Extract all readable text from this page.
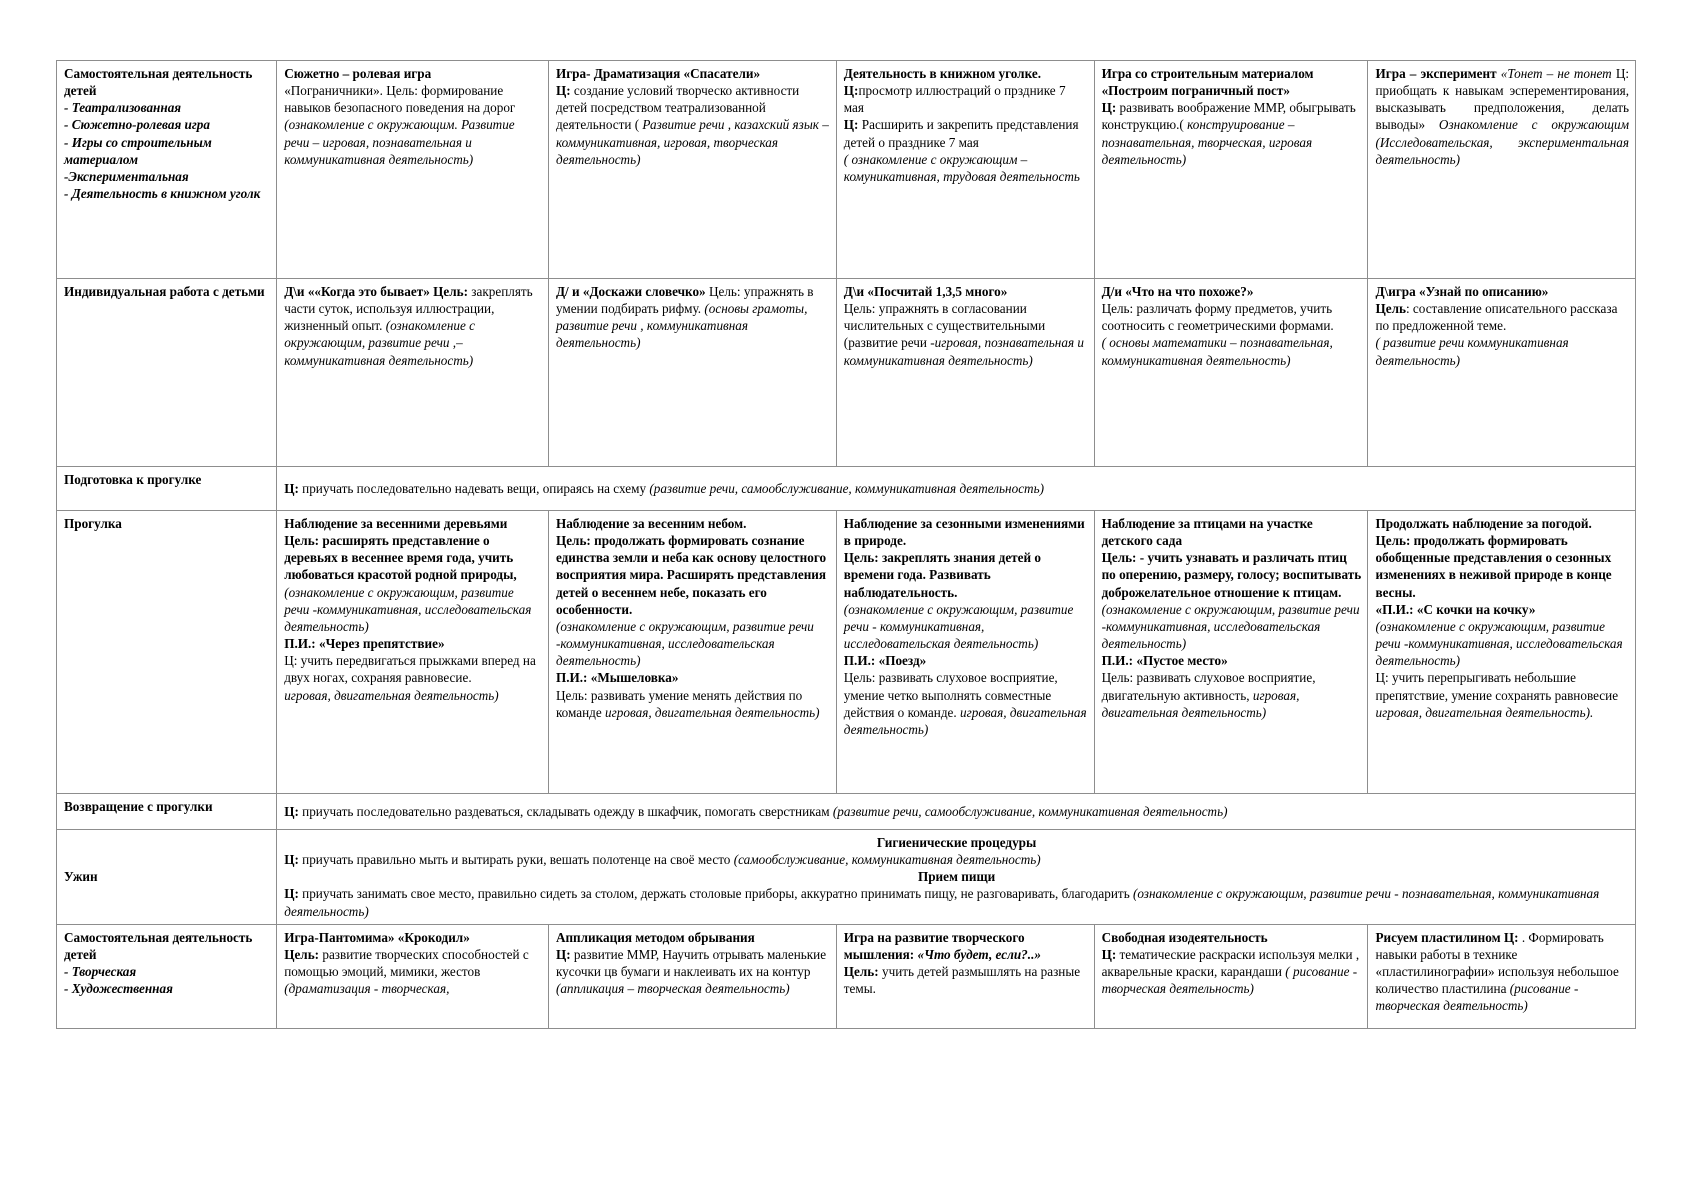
Самостоятельная деятельность детей
- Театрализованная
- Сюжетно-ролевая игра
- Игры со строительным материалом
-Экспериментальная
- Деятельность в книжном уголк
	Сюжетно – ролевая игра
«Пограничники». Цель: формирование навыков безопасного поведения на дорог (ознакомление с окружающим. Развитие речи – игровая, познавательная и коммуникативная деятельность)	Игра- Драматизация «Спасатели»
Ц: создание условий творческо активности детей посредством театрализованной деятельности ( Развитие речи , казахский язык – коммуникативная, игровая, творческая деятельность)	Деятельность в книжном уголке.
Ц:просмотр иллюстраций о прзднике 7 мая
Ц: Расширить и закрепить представления детей о празднике 7 мая
( ознакомление с окружающим – комуникативная, трудовая деятельность	Игра со строительным материалом «Построим пограничный пост»
Ц: развивать воображение ММР, обыгрывать конструкцию.( конструирование –познавательная, творческая, игровая деятельность)	Игра – эксперимент «Тонет – не тонет Ц: приобщать к навыкам эсперементирования, высказывать предположения, делать выводы» Ознакомление с окружающим (Исследовательская, экспериментальная деятельность)

Индивидуальная работа с детьми	Д\и ««Когда это бывает» Цель: закреплять части суток, используя иллюстрации, жизненный опыт. (ознакомление с окружающим, развитие речи ,– коммуникативная деятельность)	Д/ и «Доскажи словечко» Цель: упражнять в умении подбирать рифму. (основы грамоты, развитие речи , коммуникативная деятельность)	Д\и «Посчитай 1,3,5 много»
Цель: упражнять в согласовании числительных с существительными
(развитие речи -игровая, познавательная и коммуникативная деятельность)	Д/и «Что на что похоже?»
Цель: различать форму предметов, учить соотносить с геометрическими формами.
( основы математики – познавательная, коммуникативная деятельность)	Д\игра «Узнай по описанию»
Цель: составление описательного рассказа по предложенной теме.
( развитие речи коммуникативная деятельность)

Подготовка к прогулке	Ц: приучать последовательно надевать вещи, опираясь на схему (развитие речи, самообслуживание, коммуникативная деятельность)				

Прогулка	Наблюдение за весенними деревьями
Цель: расширять представление о деревьях в весеннее время года, учить любоваться красотой родной природы,
(ознакомление с окружающим, развитие речи -коммуникативная, исследовательская деятельность)
П.И.: «Через препятствие»
Ц: учить передвигаться прыжками вперед на двух ногах, сохраняя равновесие.
игровая, двигательная деятельность)	Наблюдение за весенним небом.
Цель: продолжать формировать сознание единства земли и неба как основу целостного восприятия мира. Расширять представления детей о весеннем небе, показать его особенности.
(ознакомление с окружающим, развитие речи -коммуникативная, исследовательская деятельность)
П.И.: «Мышеловка»
Цель: развивать умение менять действия по команде игровая, двигательная деятельность)	Наблюдение за сезонными изменениями в природе.
Цель: закреплять знания детей о времени года. Развивать наблюдательность.
(ознакомление с окружающим, развитие речи - коммуникативная, исследовательская деятельность)
П.И.: «Поезд»
Цель: развивать слуховое восприятие, умение четко выполнять совместные действия о команде. игровая, двигательная деятельность)	Наблюдение за птицами на участке детского сада
Цель: - учить узнавать и различать птиц по оперению, размеру, голосу; воспитывать доброжелательное отношение к птицам.
(ознакомление с окружающим, развитие речи -коммуникативная, исследовательская деятельность)
П.И.: «Пустое место»
Цель: развивать слуховое восприятие, двигательную активность, игровая, двигательная деятельность)	Продолжать наблюдение за погодой.
Цель: продолжать формировать обобщенные представления о сезонных изменениях в неживой природе в конце весны.
«П.И.: «С кочки на кочку»
(ознакомление с окружающим, развитие речи -коммуникативная, исследовательская деятельность)
Ц: учить перепрыгивать небольшие препятствие, умение сохранять равновесие игровая, двигательная деятельность).

Возвращение с прогулки	Ц: приучать последовательно раздеваться, складывать одежду в шкафчик, помогать сверстникам (развитие речи, самообслуживание, коммуникативная деятельность)				

Ужин	Гигиенические процедуры
Ц: приучать правильно мыть и вытирать руки, вешать полотенце на своё место (самообслуживание, коммуникативная деятельность)
Прием пищи
Ц: приучать занимать свое место, правильно сидеть за столом, держать столовые приборы, аккуратно принимать пищу, не разговаривать, благодарить (ознакомление с окружающим, развитие речи - познавательная, коммуникативная деятельность)				

Самостоятельная деятельность детей
- Творческая
- Художественная
	Игра-Пантомима» «Крокодил»
Цель: развитие творческих способностей с помощью эмоций, мимики, жестов
(драматизация - творческая,	Аппликация методом обрывания
Ц: развитие ММР, Научить отрывать маленькие кусочки цв бумаги и наклеивать их на контур
(аппликация – творческая деятельность)	Игра на развитие творческого мышления: «Что будет, если?..»
Цель: учить детей размышлять на разные темы.	Свободная изодеятельность
Ц: тематические раскраски используя мелки , акварельные краски, карандаши ( рисование - творческая деятельность)	Рисуем пластилином Ц: . Формировать навыки работы в технике «пластилинографии» используя небольшое количество пластилина (рисование - творческая деятельность)
